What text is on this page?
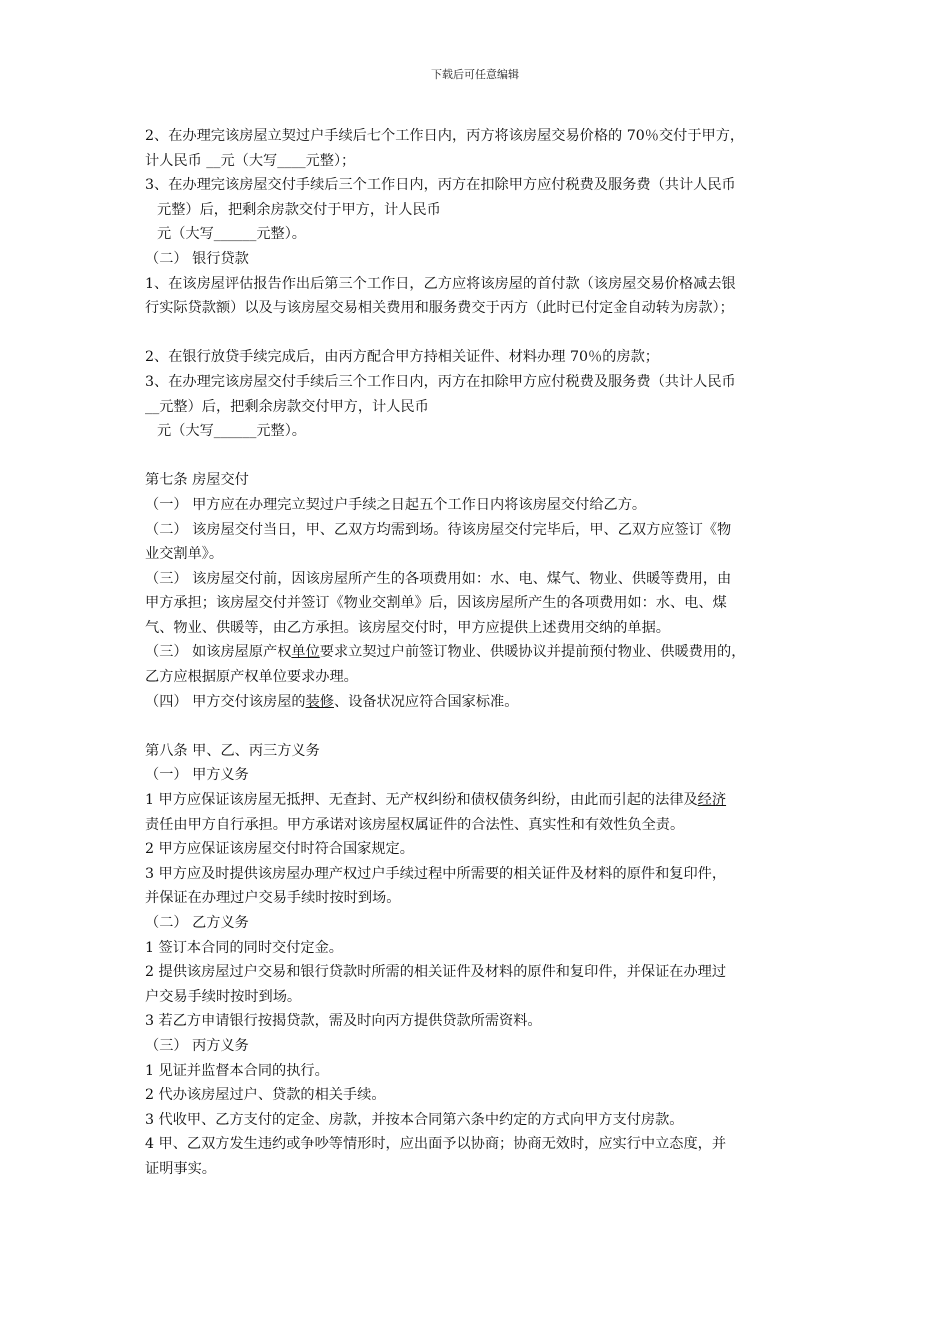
下载后可任意编辑
2、在办理完该房屋立契过户手续后七个工作日内，丙方将该房屋交易价格的 70％交付于甲方，
计人民币 __元（大写____元整）；
3、在办理完该房屋交付手续后三个工作日内，丙方在扣除甲方应付税费及服务费（共计人民币
元整）后，把剩余房款交付于甲方，计人民币
元（大写______元整）。
（二） 银行贷款
1、在该房屋评估报告作出后第三个工作日，乙方应将该房屋的首付款（该房屋交易价格减去银
行实际贷款额）以及与该房屋交易相关费用和服务费交于丙方（此时已付定金自动转为房款）；
2、在银行放贷手续完成后，由丙方配合甲方持相关证件、材料办理 70％的房款；
3、在办理完该房屋交付手续后三个工作日内，丙方在扣除甲方应付税费及服务费（共计人民币
__元整）后，把剩余房款交付甲方，计人民币
元（大写______元整）。
第七条 房屋交付
（一） 甲方应在办理完立契过户手续之日起五个工作日内将该房屋交付给乙方。
（二） 该房屋交付当日，甲、乙双方均需到场。待该房屋交付完毕后，甲、乙双方应签订《物
业交割单》。
（三） 该房屋交付前，因该房屋所产生的各项费用如：水、电、煤气、物业、供暖等费用，由
甲方承担；该房屋交付并签订《物业交割单》后，因该房屋所产生的各项费用如：水、电、煤
气、物业、供暖等，由乙方承担。该房屋交付时，甲方应提供上述费用交纳的单据。
（三） 如该房屋原产权单位要求立契过户前签订物业、供暖协议并提前预付物业、供暖费用的，
乙方应根据原产权单位要求办理。
（四） 甲方交付该房屋的装修、设备状况应符合国家标准。
第八条 甲、乙、丙三方义务
（一） 甲方义务
1 甲方应保证该房屋无抵押、无查封、无产权纠纷和债权债务纠纷，由此而引起的法律及经济
责任由甲方自行承担。甲方承诺对该房屋权属证件的合法性、真实性和有效性负全责。
2 甲方应保证该房屋交付时符合国家规定。
3 甲方应及时提供该房屋办理产权过户手续过程中所需要的相关证件及材料的原件和复印件，
并保证在办理过户交易手续时按时到场。
（二） 乙方义务
1 签订本合同的同时交付定金。
2 提供该房屋过户交易和银行贷款时所需的相关证件及材料的原件和复印件，并保证在办理过
户交易手续时按时到场。
3 若乙方申请银行按揭贷款，需及时向丙方提供贷款所需资料。
（三） 丙方义务
1 见证并监督本合同的执行。
2 代办该房屋过户、贷款的相关手续。
3 代收甲、乙方支付的定金、房款，并按本合同第六条中约定的方式向甲方支付房款。
4 甲、乙双方发生违约或争吵等情形时，应出面予以协商；协商无效时，应实行中立态度，并
证明事实。
